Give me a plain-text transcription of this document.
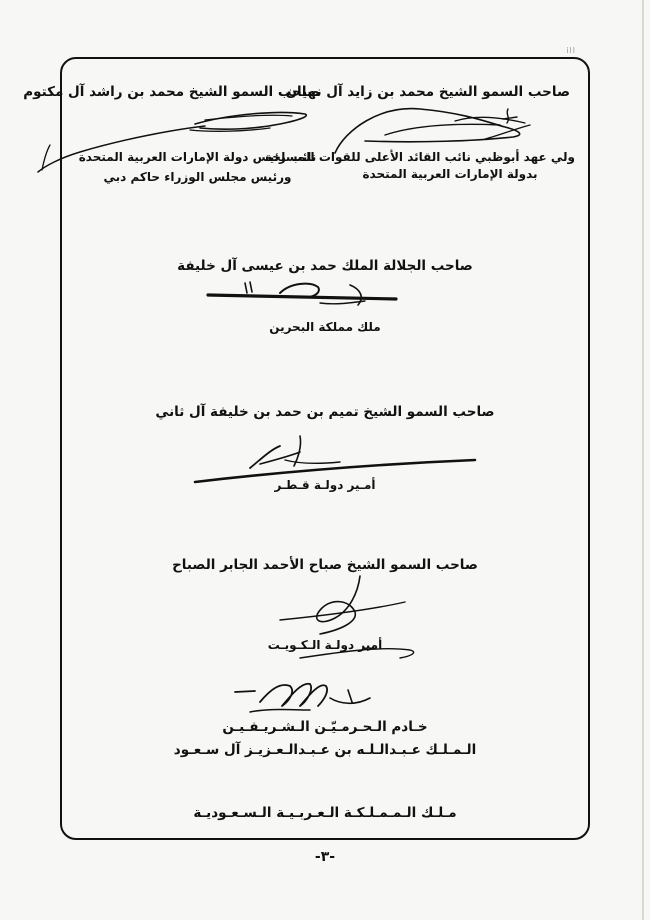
ill
صاحب السمو الشيخ محمد بن زايد آل نهيان
ولي عهد أبوظبي نائب القائد الأعلى للقوات المسلحة
بدولة الإمارات العربية المتحدة
صاحب السمو الشيخ محمد بن راشد آل مكتوم
نائب رئيس دولة الإمارات العربية المتحدة
ورئيس مجلس الوزراء حاكم دبي
صاحب الجلالة الملك حمد بن عيسى آل خليفة
ملك مملكة البحرين
صاحب السمو الشيخ تميم بن حمد بن خليفة آل ثاني
أمـير دولـة قـطـر
صاحب السمو الشيخ صباح الأحمد الجابر الصباح
أمير دولـة الـكـويـت
خـادم الـحـرمـيّـن الـشـريـفـيـن
الـمـلـك عـبـدالـلـه بن عـبـدالـعـزيـز آل سـعـود
مـلـك الـمـمـلـكـة الـعـربـيـة الـسـعـوديـة
-٣-
